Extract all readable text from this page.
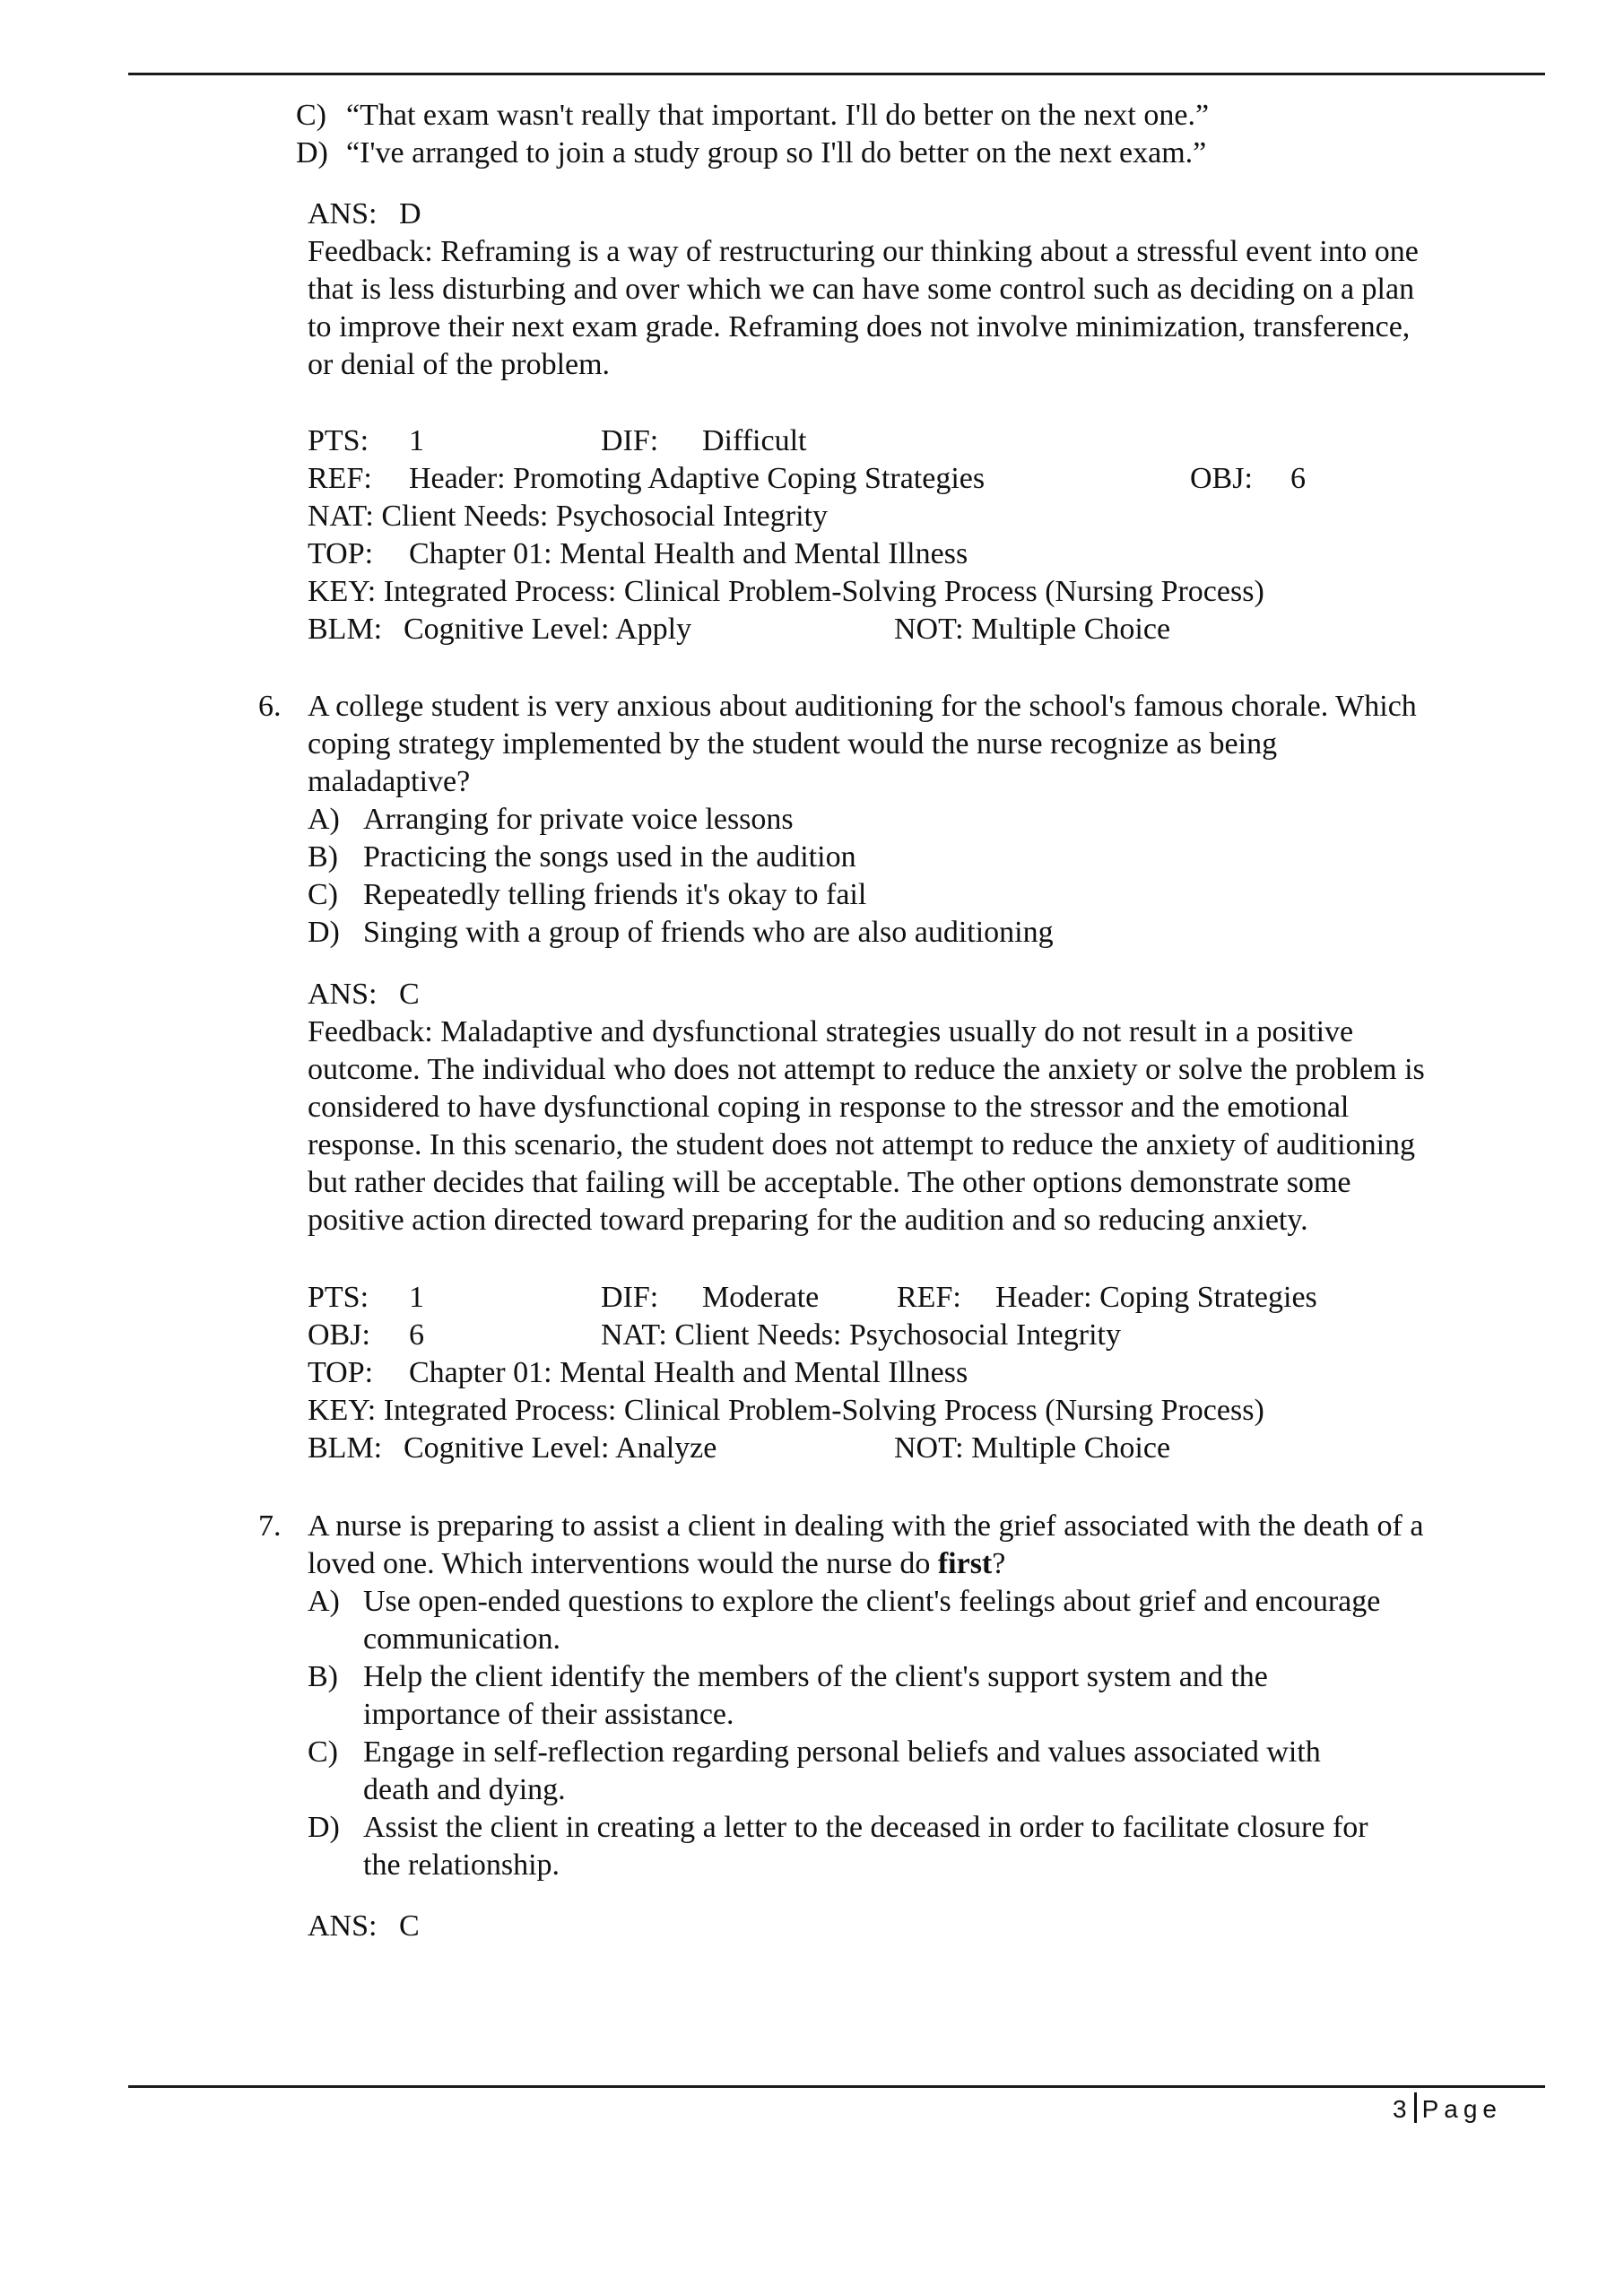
C) “That exam wasn't really that important. I'll do better on the next one.”
D) “I've arranged to join a study group so I'll do better on the next exam.”
ANS: D
Feedback: Reframing is a way of restructuring our thinking about a stressful event into one
that is less disturbing and over which we can have some control such as deciding on a plan
to improve their next exam grade. Reframing does not involve minimization, transference,
or denial of the problem.
PTS: 1	DIF: Difficult
REF: Header: Promoting Adaptive Coping Strategies	OBJ: 6
NAT: Client Needs: Psychosocial Integrity
TOP: Chapter 01: Mental Health and Mental Illness
KEY: Integrated Process: Clinical Problem-Solving Process (Nursing Process)
BLM: Cognitive Level: Apply	NOT: Multiple Choice
6. A college student is very anxious about auditioning for the school's famous chorale. Which
coping strategy implemented by the student would the nurse recognize as being
maladaptive?
A) Arranging for private voice lessons
B) Practicing the songs used in the audition
C) Repeatedly telling friends it's okay to fail
D) Singing with a group of friends who are also auditioning
ANS: C
Feedback: Maladaptive and dysfunctional strategies usually do not result in a positive
outcome. The individual who does not attempt to reduce the anxiety or solve the problem is
considered to have dysfunctional coping in response to the stressor and the emotional
response. In this scenario, the student does not attempt to reduce the anxiety of auditioning
but rather decides that failing will be acceptable. The other options demonstrate some
positive action directed toward preparing for the audition and so reducing anxiety.
PTS: 1	DIF: Moderate	REF: Header: Coping Strategies
OBJ: 6	NAT: Client Needs: Psychosocial Integrity
TOP: Chapter 01: Mental Health and Mental Illness
KEY: Integrated Process: Clinical Problem-Solving Process (Nursing Process)
BLM: Cognitive Level: Analyze	NOT: Multiple Choice
7. A nurse is preparing to assist a client in dealing with the grief associated with the death of a
loved one. Which interventions would the nurse do first?
A) Use open-ended questions to explore the client's feelings about grief and encourage
communication.
B) Help the client identify the members of the client's support system and the
importance of their assistance.
C) Engage in self-reflection regarding personal beliefs and values associated with
death and dying.
D) Assist the client in creating a letter to the deceased in order to facilitate closure for
the relationship.
ANS: C
3 Page
